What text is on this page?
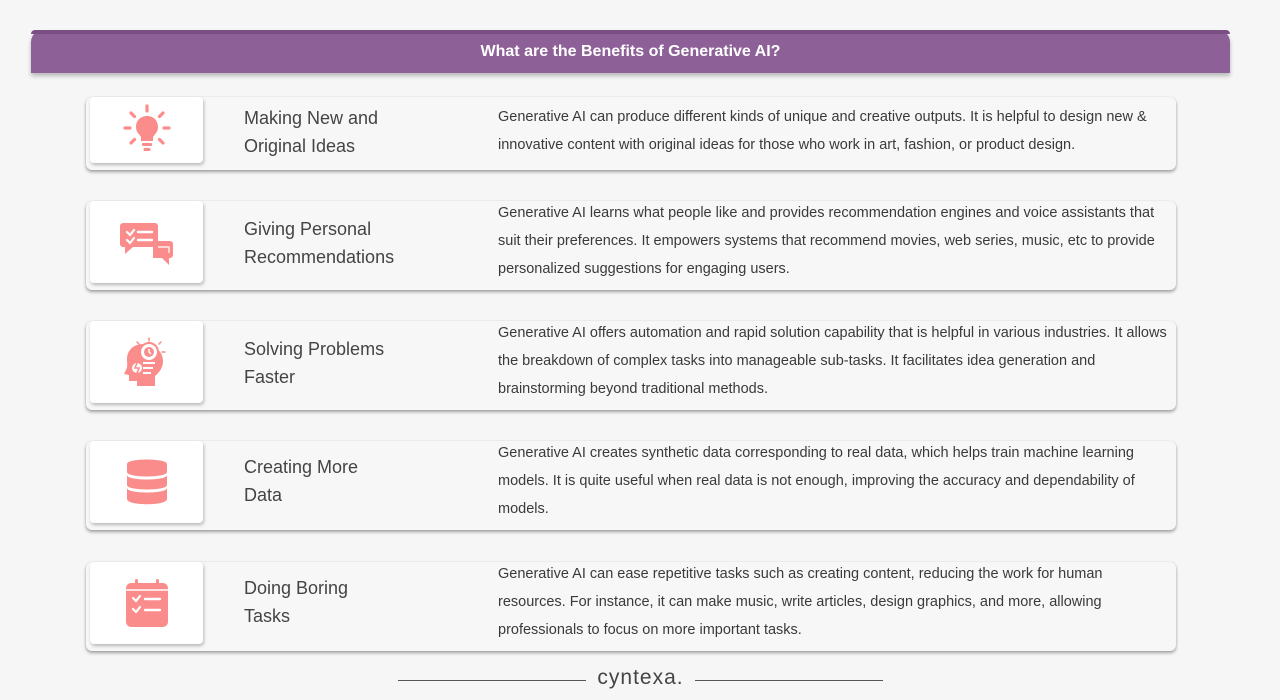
What are the Benefits of Generative AI?
Making New and
Original Ideas
Generative AI can produce different kinds of unique and creative outputs. It is helpful to design new & innovative content with original ideas for those who work in art, fashion, or product design.
Giving Personal
Recommendations
Generative AI learns what people like and provides recommendation engines and voice assistants that suit their preferences. It empowers systems that recommend movies, web series, music, etc to provide personalized suggestions for engaging users.
Solving Problems
Faster
Generative AI offers automation and rapid solution capability that is helpful in various industries. It allows the breakdown of complex tasks into manageable sub-tasks. It facilitates idea generation and brainstorming beyond traditional methods.
Creating More
Data
Generative AI creates synthetic data corresponding to real data, which helps train machine learning models. It is quite useful when real data is not enough, improving the accuracy and dependability of models.
Doing Boring
Tasks
Generative AI can ease repetitive tasks such as creating content, reducing the work for human resources. For instance, it can make music, write articles, design graphics, and more, allowing professionals to focus on more important tasks.
cyntexa.
